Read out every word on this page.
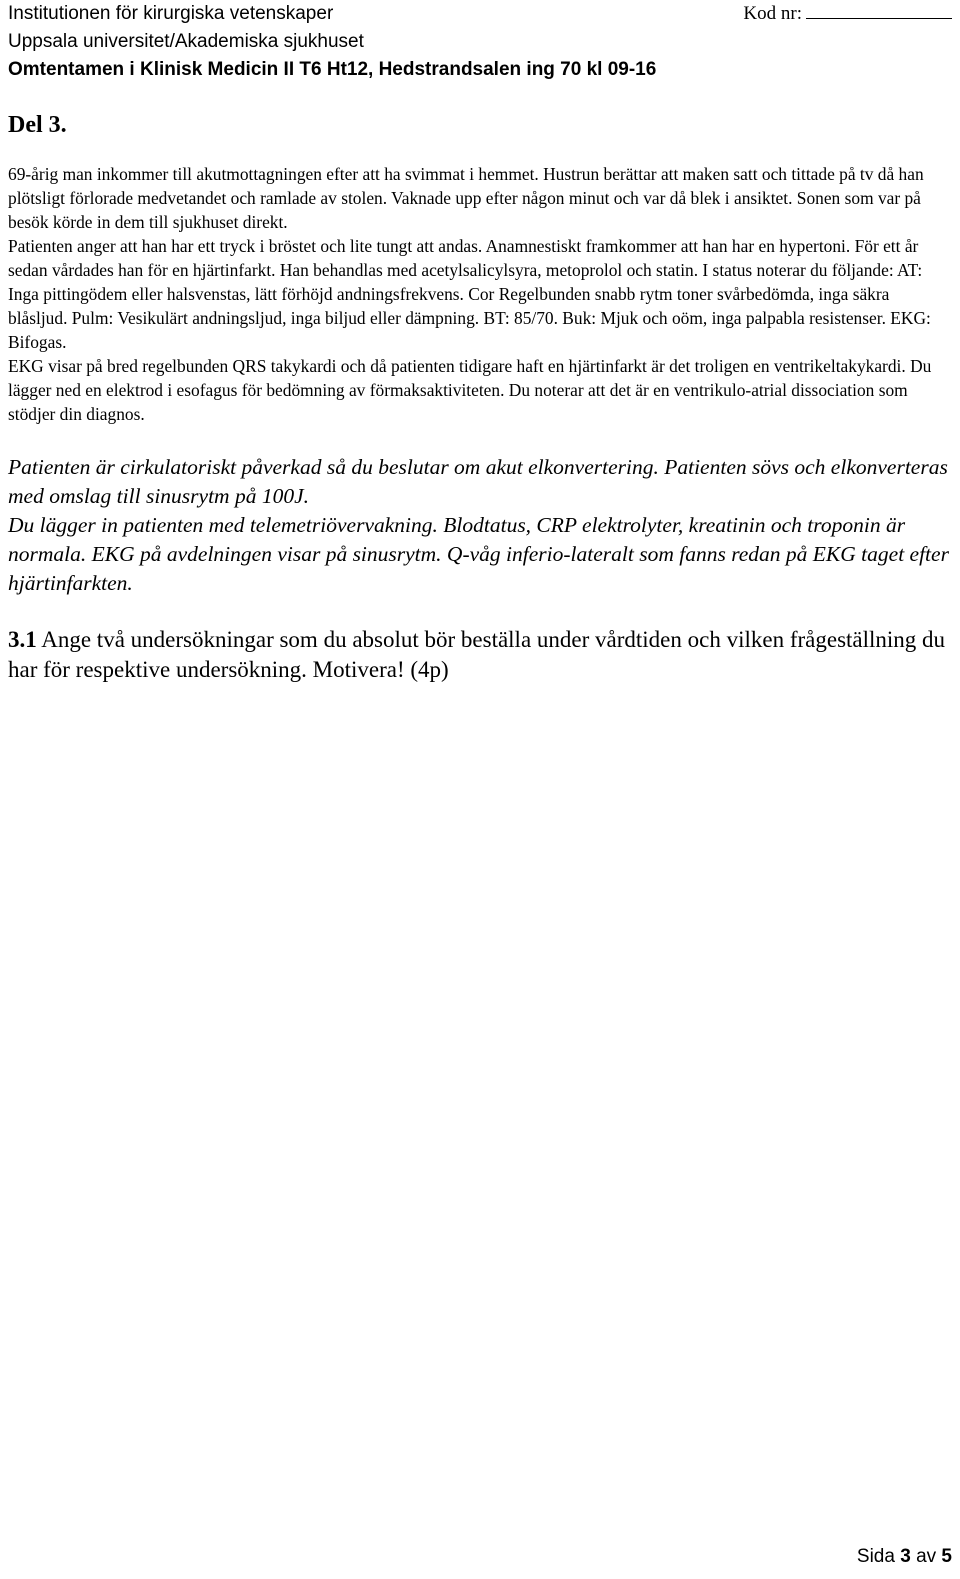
Institutionen för kirurgiska vetenskaper
Uppsala universitet/Akademiska sjukhuset
Omtentamen i Klinisk Medicin II T6 Ht12, Hedstrandsalen ing 70 kl 09-16
Kod nr:
Del 3.

69-årig man inkommer till akutmottagningen efter att ha svimmat i hemmet. Hustrun berättar att maken satt och tittade på tv då han plötsligt förlorade medvetandet och ramlade av stolen. Vaknade upp efter någon minut och var då blek i ansiktet. Sonen som var på besök körde in dem till sjukhuset direkt.

Patienten anger att han har ett tryck i bröstet och lite tungt att andas. Anamnestiskt framkommer att han har en hypertoni. För ett år sedan vårdades han för en hjärtinfarkt. Han behandlas med acetylsalicylsyra, metoprolol och statin. I status noterar du följande: AT: Inga pittingödem eller halsvenstas, lätt förhöjd andningsfrekvens. Cor Regelbunden snabb rytm toner svårbedömda, inga säkra blåsljud. Pulm: Vesikulärt andningsljud, inga biljud eller dämpning. BT: 85/70. Buk: Mjuk och oöm, inga palpabla resistenser. EKG: Bifogas.

EKG visar på bred regelbunden QRS takykardi och då patienten tidigare haft en hjärtinfarkt är det troligen en ventrikeltakykardi. Du lägger ned en elektrod i esofagus för bedömning av förmaksaktiviteten. Du noterar att det är en ventrikulo-atrial dissociation som stödjer din diagnos.

Patienten är cirkulatoriskt påverkad så du beslutar om akut elkonvertering. Patienten sövs och elkonverteras med omslag till sinusrytm på 100J.

Du lägger in patienten med telemetriövervakning. Blodtatus, CRP elektrolyter, kreatinin och troponin är normala. EKG på avdelningen visar på sinusrytm. Q-våg inferio-lateralt som fanns redan på EKG taget efter hjärtinfarkten.

3.1 Ange två undersökningar som du absolut bör beställa under vårdtiden och vilken frågeställning du har för respektive undersökning. Motivera! (4p)
Sida 3 av 5
